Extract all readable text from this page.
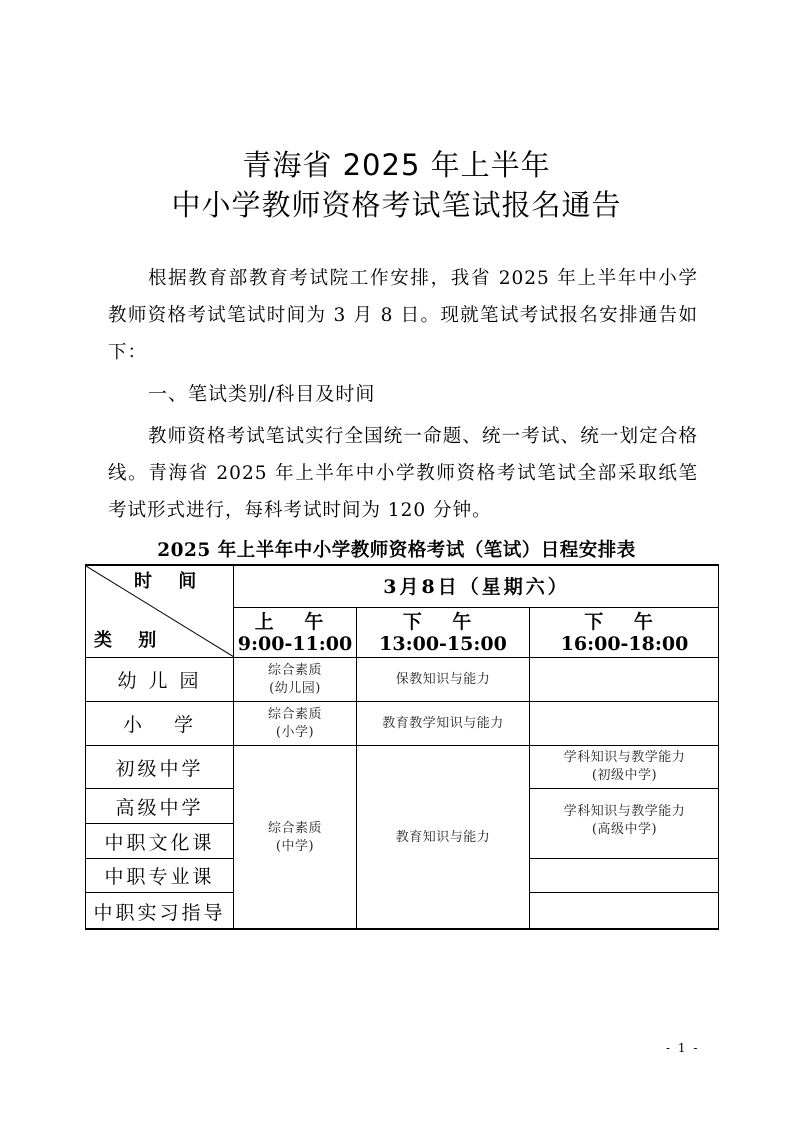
青海省 2025 年上半年
中小学教师资格考试笔试报名通告

根据教育部教育考试院工作安排，我省 2025 年上半年中小学教师资格考试笔试时间为 3 月 8 日。现就笔试考试报名安排通告如下：

一、笔试类别/科目及时间

教师资格考试笔试实行全国统一命题、统一考试、统一划定合格线。青海省 2025 年上半年中小学教师资格考试笔试全部采取纸笔考试形式进行，每科考试时间为 120 分钟。

2025 年上半年中小学教师资格考试（笔试）日程安排表
时 间
类 别
3月8日（星期六）
上 午
9:00-11:00
下 午
13:00-15:00
下 午
16:00-18:00
幼 儿 园
小 学
初级中学
高级中学
中职文化课
中职专业课
中职实习指导
综合素质
(幼儿园)
保教知识与能力
综合素质
(小学)
教育教学知识与能力
综合素质
(中学)
教育知识与能力
学科知识与教学能力
(初级中学)
学科知识与教学能力
(高级中学)
- 1 -
